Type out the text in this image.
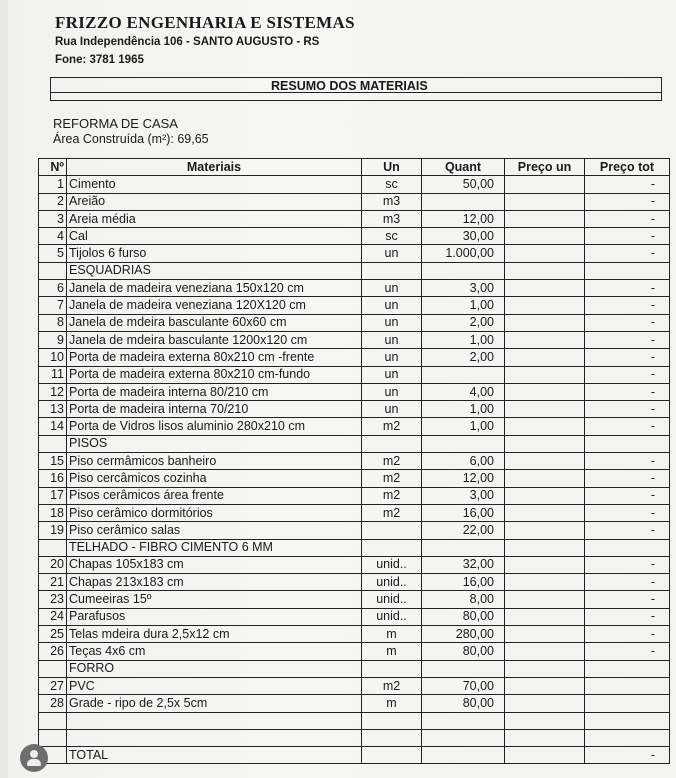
FRIZZO ENGENHARIA E SISTEMAS
Rua Independência 106 - SANTO AUGUSTO - RS
Fone: 3781 1965
RESUMO DOS MATERIAIS
REFORMA DE CASA
Área Construída (m²): 69,65
Nº	Materiais	Un	Quant	Preço un	Preço tot
1	Cimento	sc	50,00		-
2	Areião	m3			-
3	Areia média	m3	12,00		-
4	Cal	sc	30,00		-
5	Tijolos 6 furso	un	1.000,00		-
	ESQUADRIAS				
6	Janela de madeira veneziana 150x120 cm	un	3,00		-
7	Janela de madeira veneziana 120X120 cm	un	1,00		-
8	Janela de mdeira basculante 60x60 cm	un	2,00		-
9	Janela de mdeira basculante 1200x120 cm	un	1,00		-
10	Porta de madeira externa 80x210 cm -frente	un	2,00		-
11	Porta de madeira externa 80x210 cm-fundo	un			-
12	Porta de madeira interna 80/210 cm	un	4,00		-
13	Porta de madeira interna 70/210	un	1,00		-
14	Porta de Vidros lisos aluminio 280x210 cm	m2	1,00		-
	PISOS				
15	Piso cermâmicos banheiro	m2	6,00		-
16	Piso cercâmicos cozinha	m2	12,00		-
17	Pisos cerâmicos área frente	m2	3,00		-
18	Piso cerâmico dormitórios	m2	16,00		-
19	Piso cerâmico salas		22,00		-
	TELHADO - FIBRO CIMENTO 6 MM				
20	Chapas 105x183 cm	unid..	32,00		-
21	Chapas 213x183 cm	unid..	16,00		-
23	Cumeeiras 15º	unid..	8,00		-
24	Parafusos	unid..	80,00		-
25	Telas mdeira dura 2,5x12 cm	m	280,00		-
26	Teças 4x6 cm	m	80,00		-
	FORRO				
27	PVC	m2	70,00		
28	Grade - ripo de 2,5x 5cm	m	80,00		

	TOTAL				-
